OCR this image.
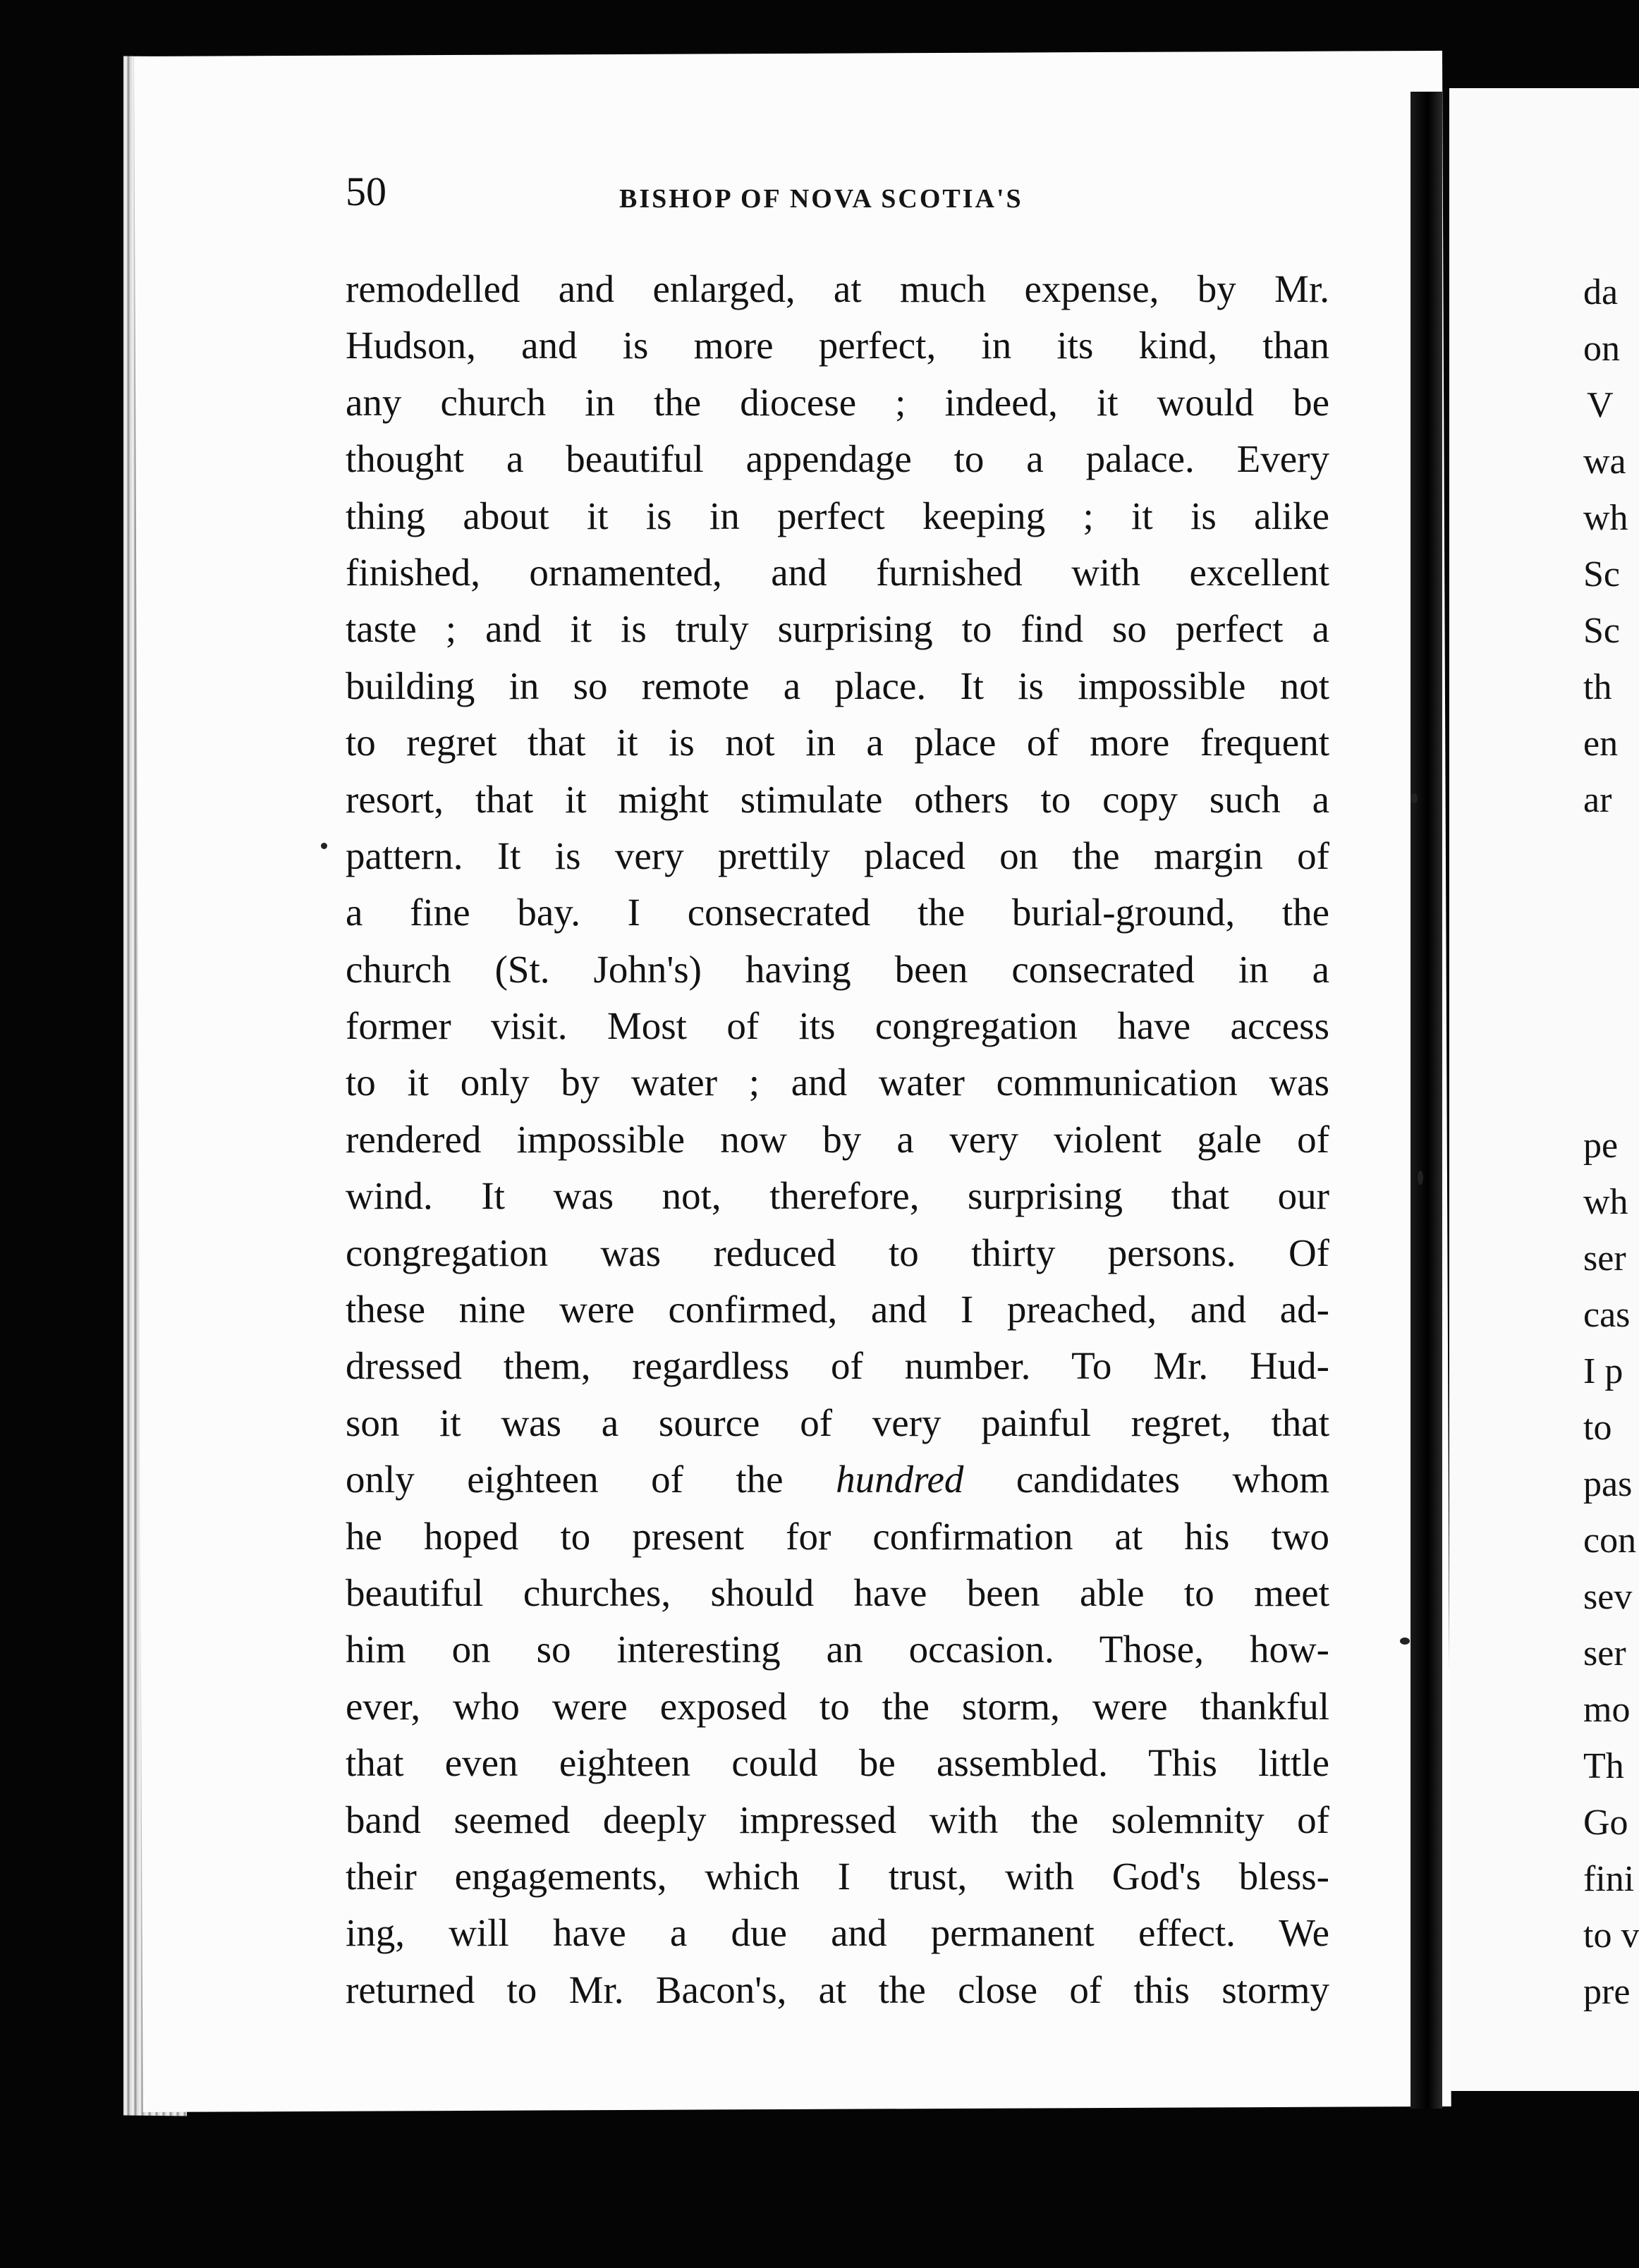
50	BISHOP OF NOVA SCOTIA'S
remodelled and enlarged, at much expense, by Mr.
Hudson, and is more perfect, in its kind, than
any church in the diocese ; indeed, it would be
thought a beautiful appendage to a palace. Every
thing about it is in perfect keeping ; it is alike
finished, ornamented, and furnished with excellent
taste ; and it is truly surprising to find so perfect a
building in so remote a place. It is impossible not
to regret that it is not in a place of more frequent
resort, that it might stimulate others to copy such a
pattern. It is very prettily placed on the margin of
a fine bay. I consecrated the burial-ground, the
church (St. John's) having been consecrated in a
former visit. Most of its congregation have access
to it only by water ; and water communication was
rendered impossible now by a very violent gale of
wind. It was not, therefore, surprising that our
congregation was reduced to thirty persons. Of
these nine were confirmed, and I preached, and ad-
dressed them, regardless of number. To Mr. Hud-
son it was a source of very painful regret, that
only eighteen of the hundred candidates whom
he hoped to present for confirmation at his two
beautiful churches, should have been able to meet
him on so interesting an occasion. Those, how-
ever, who were exposed to the storm, were thankful
that even eighteen could be assembled. This little
band seemed deeply impressed with the solemnity of
their engagements, which I trust, with God's bless-
ing, will have a due and permanent effect. We
returned to Mr. Bacon's, at the close of this stormy
da
on
V
wa
wh
Sc
Sc
th
en
ar
pe
wh
ser
cas
I p
to
pas
con
sev
ser
mo
Th
Go
fini
to v
pre
